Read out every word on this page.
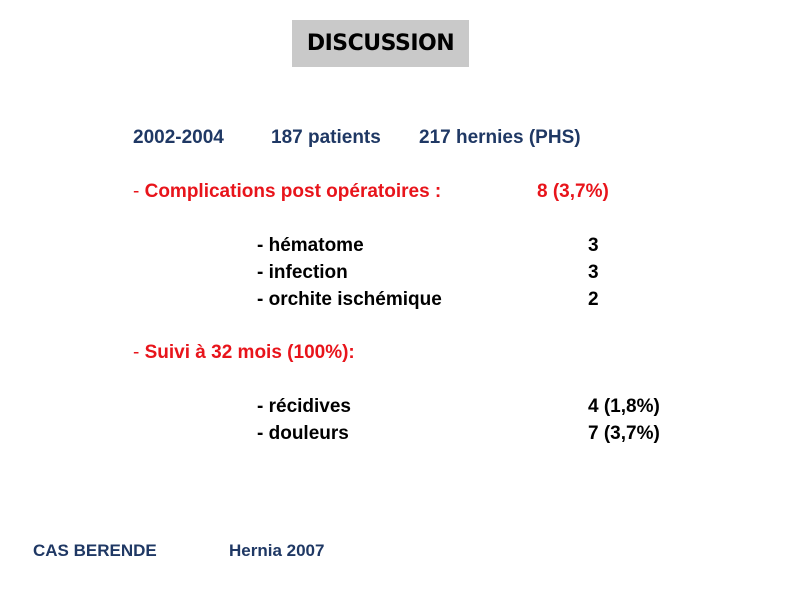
DISCUSSION
2002-2004 187 patients 217 hernies (PHS)
- Complications post opératoires :	8 (3,7%)
- hématome	3
- infection	3
- orchite ischémique	2
- Suivi à 32 mois (100%):
- récidives	4 (1,8%)
- douleurs	7 (3,7%)
CAS BERENDE	Hernia 2007
